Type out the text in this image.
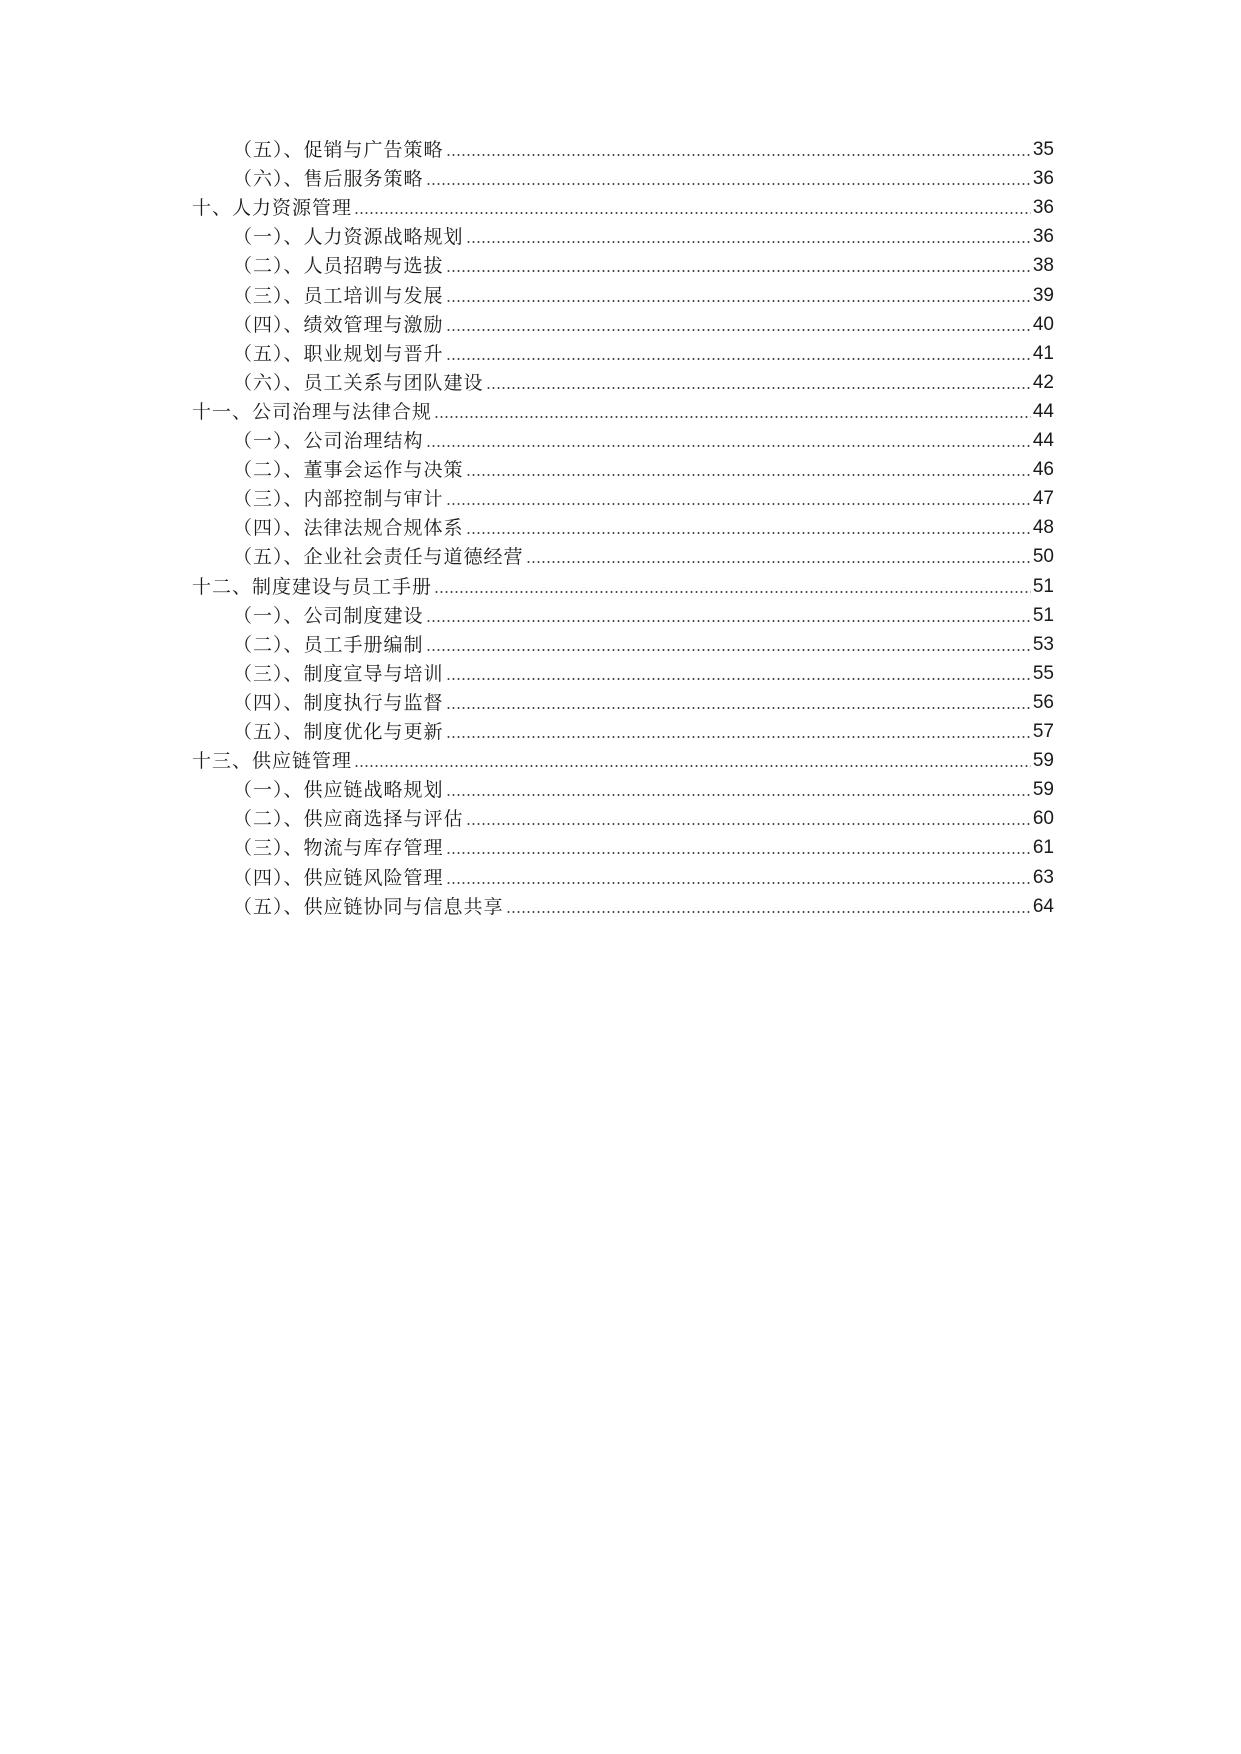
（五）、促销与广告策略	35
（六）、售后服务策略	36
十、人力资源管理	36
（一）、人力资源战略规划	36
（二）、人员招聘与选拔	38
（三）、员工培训与发展	39
（四）、绩效管理与激励	40
（五）、职业规划与晋升	41
（六）、员工关系与团队建设	42
十一、公司治理与法律合规	44
（一）、公司治理结构	44
（二）、董事会运作与决策	46
（三）、内部控制与审计	47
（四）、法律法规合规体系	48
（五）、企业社会责任与道德经营	50
十二、制度建设与员工手册	51
（一）、公司制度建设	51
（二）、员工手册编制	53
（三）、制度宣导与培训	55
（四）、制度执行与监督	56
（五）、制度优化与更新	57
十三、供应链管理	59
（一）、供应链战略规划	59
（二）、供应商选择与评估	60
（三）、物流与库存管理	61
（四）、供应链风险管理	63
（五）、供应链协同与信息共享	64
